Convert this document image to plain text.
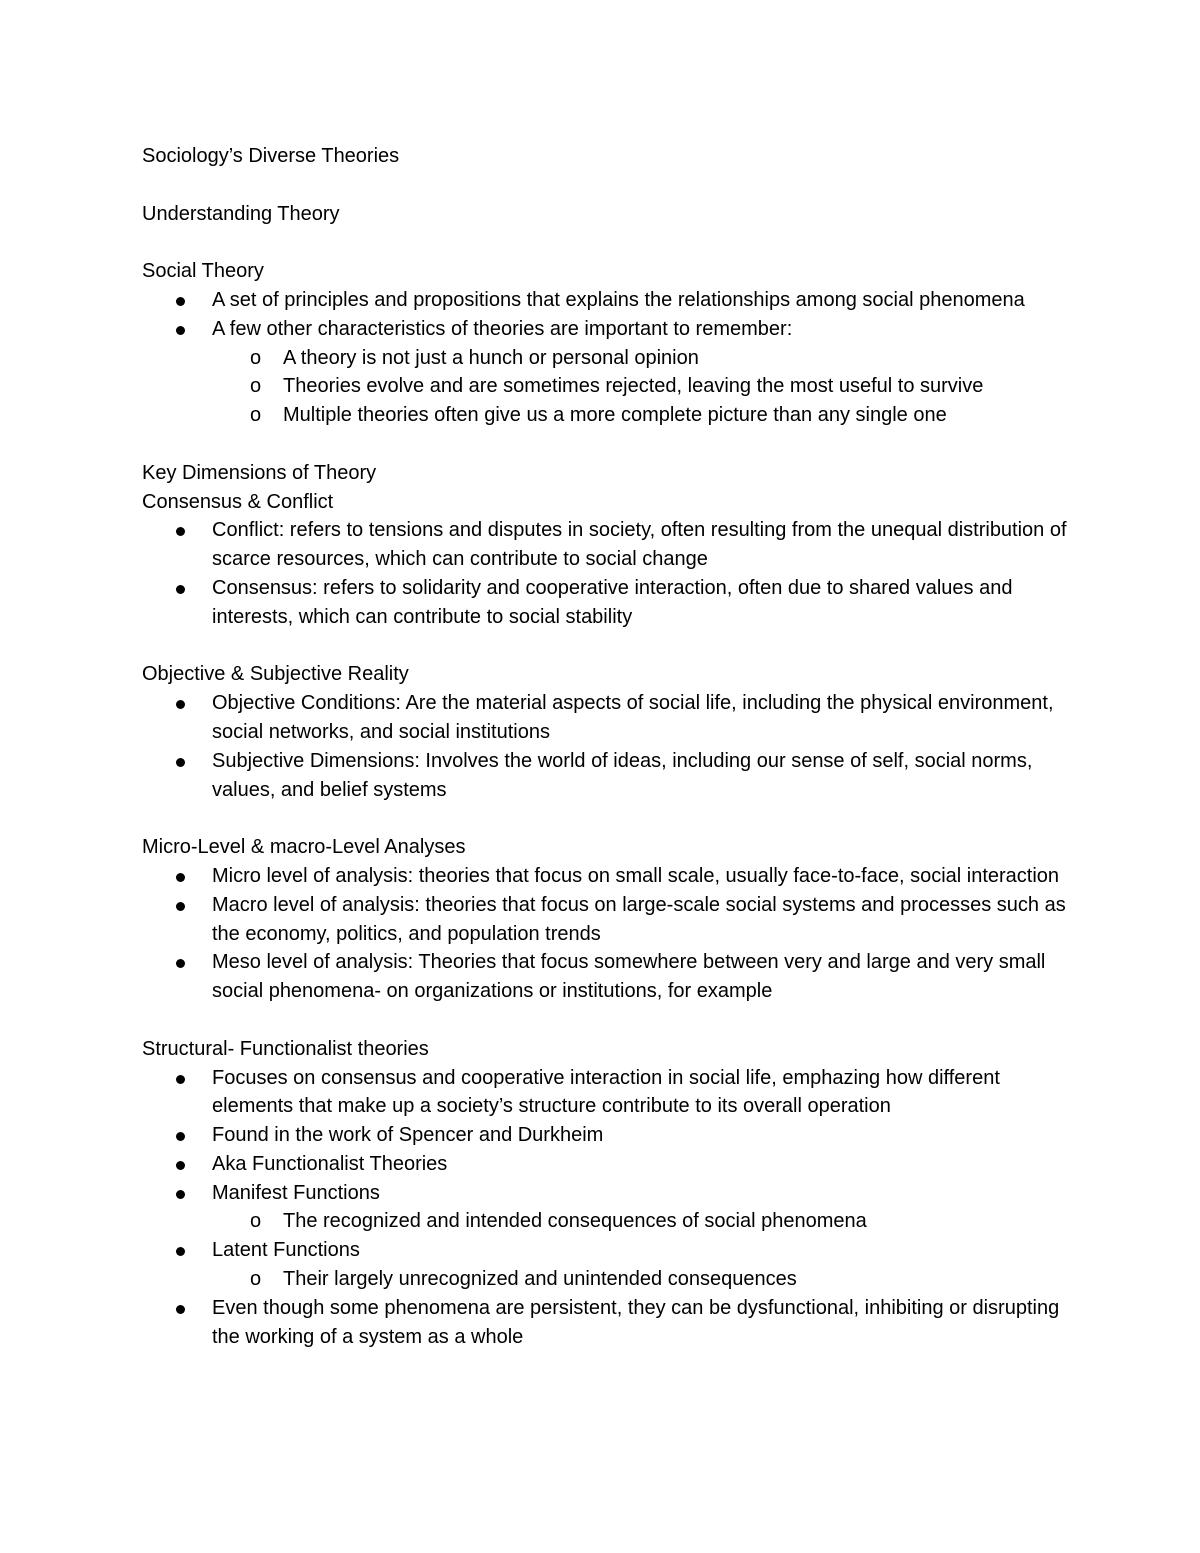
Sociology’s Diverse Theories
Understanding Theory
Social Theory
A set of principles and propositions that explains the relationships among social phenomena
A few other characteristics of theories are important to remember:
o A theory is not just a hunch or personal opinion
o Theories evolve and are sometimes rejected, leaving the most useful to survive
o Multiple theories often give us a more complete picture than any single one
Key Dimensions of Theory
Consensus & Conflict
Conflict: refers to tensions and disputes in society, often resulting from the unequal distribution of scarce resources, which can contribute to social change
Consensus: refers to solidarity and cooperative interaction, often due to shared values and interests, which can contribute to social stability
Objective & Subjective Reality
Objective Conditions: Are the material aspects of social life, including the physical environment, social networks, and social institutions
Subjective Dimensions: Involves the world of ideas, including our sense of self, social norms, values, and belief systems
Micro-Level & macro-Level Analyses
Micro level of analysis: theories that focus on small scale, usually face-to-face, social interaction
Macro level of analysis: theories that focus on large-scale social systems and processes such as the economy, politics, and population trends
Meso level of analysis: Theories that focus somewhere between very and large and very small social phenomena- on organizations or institutions, for example
Structural- Functionalist theories
Focuses on consensus and cooperative interaction in social life, emphazing how different elements that make up a society’s structure contribute to its overall operation
Found in the work of Spencer and Durkheim
Aka Functionalist Theories
Manifest Functions
o The recognized and intended consequences of social phenomena
Latent Functions
o Their largely unrecognized and unintended consequences
Even though some phenomena are persistent, they can be dysfunctional, inhibiting or disrupting the working of a system as a whole
